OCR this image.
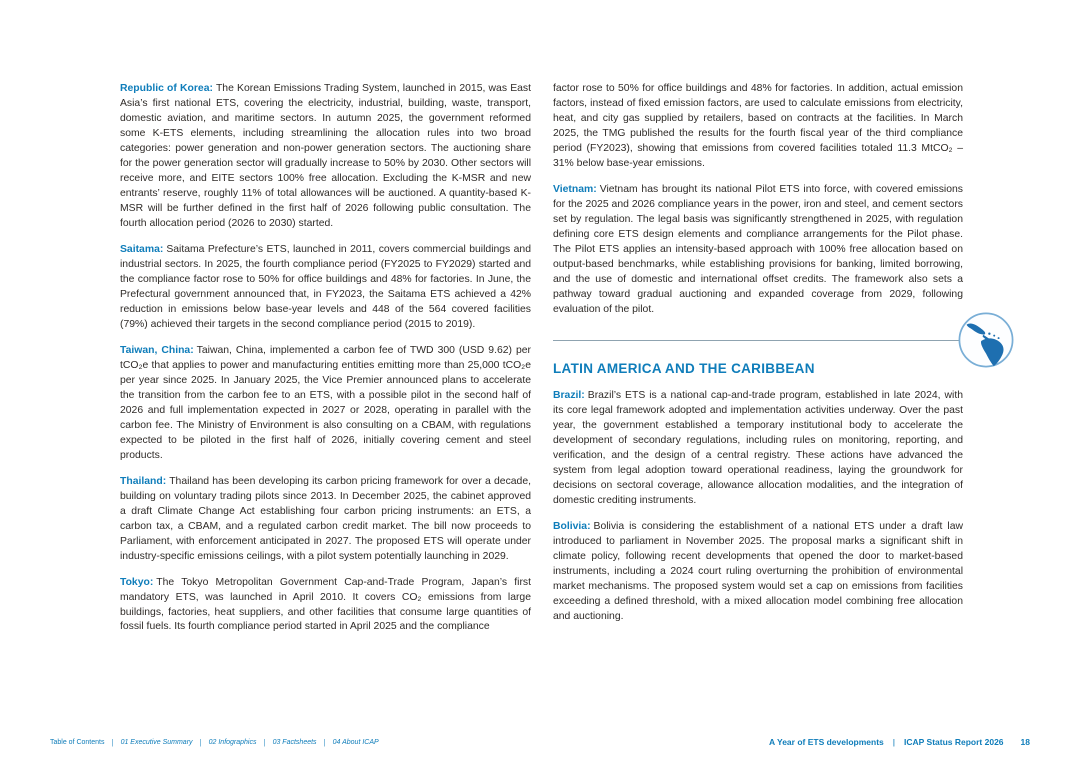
Republic of Korea: The Korean Emissions Trading System, launched in 2015, was East Asia’s first national ETS, covering the electricity, industrial, building, waste, transport, domestic aviation, and maritime sectors. In autumn 2025, the government reformed some K-ETS elements, including streamlining the allocation rules into two broad categories: power generation and non-power generation sectors. The auctioning share for the power generation sector will gradually increase to 50% by 2030. Other sectors will receive more, and EITE sectors 100% free allocation. Excluding the K-MSR and new entrants’ reserve, roughly 11% of total allowances will be auctioned. A quantity-based K-MSR will be further defined in the first half of 2026 following public consultation. The fourth allocation period (2026 to 2030) started.

Saitama: Saitama Prefecture’s ETS, launched in 2011, covers commercial buildings and industrial sectors. In 2025, the fourth compliance period (FY2025 to FY2029) started and the compliance factor rose to 50% for office buildings and 48% for factories. In June, the Prefectural government announced that, in FY2023, the Saitama ETS achieved a 42% reduction in emissions below base-year levels and 448 of the 564 covered facilities (79%) achieved their targets in the second compliance period (2015 to 2019).

Taiwan, China: Taiwan, China, implemented a carbon fee of TWD 300 (USD 9.62) per tCO₂e that applies to power and manufacturing entities emitting more than 25,000 tCO₂e per year since 2025. In January 2025, the Vice Premier announced plans to accelerate the transition from the carbon fee to an ETS, with a possible pilot in the second half of 2026 and full implementation expected in 2027 or 2028, operating in parallel with the carbon fee. The Ministry of Environment is also consulting on a CBAM, with regulations expected to be piloted in the first half of 2026, initially covering cement and steel products.

Thailand: Thailand has been developing its carbon pricing framework for over a decade, building on voluntary trading pilots since 2013. In December 2025, the cabinet approved a draft Climate Change Act establishing four carbon pricing instruments: an ETS, a carbon tax, a CBAM, and a regulated carbon credit market. The bill now proceeds to Parliament, with enforcement anticipated in 2027. The proposed ETS will operate under industry-specific emissions ceilings, with a pilot system potentially launching in 2029.

Tokyo: The Tokyo Metropolitan Government Cap-and-Trade Program, Japan’s first mandatory ETS, was launched in April 2010. It covers CO₂ emissions from large buildings, factories, heat suppliers, and other facilities that consume large quantities of fossil fuels. Its fourth compliance period started in April 2025 and the compliance

factor rose to 50% for office buildings and 48% for factories. In addition, actual emission factors, instead of fixed emission factors, are used to calculate emissions from electricity, heat, and city gas supplied by retailers, based on contracts at the facilities. In March 2025, the TMG published the results for the fourth fiscal year of the third compliance period (FY2023), showing that emissions from covered facilities totaled 11.3 MtCO₂ – 31% below base-year emissions.

Vietnam: Vietnam has brought its national Pilot ETS into force, with covered emissions for the 2025 and 2026 compliance years in the power, iron and steel, and cement sectors set by regulation. The legal basis was significantly strengthened in 2025, with regulation defining core ETS design elements and compliance arrangements for the Pilot phase. The Pilot ETS applies an intensity-based approach with 100% free allocation based on output-based benchmarks, while establishing provisions for banking, limited borrowing, and the use of domestic and international offset credits. The framework also sets a pathway toward gradual auctioning and expanded coverage from 2029, following evaluation of the pilot.

LATIN AMERICA AND THE CARIBBEAN

Brazil: Brazil’s ETS is a national cap-and-trade program, established in late 2024, with its core legal framework adopted and implementation activities underway. Over the past year, the government established a temporary institutional body to accelerate the development of secondary regulations, including rules on monitoring, reporting, and verification, and the design of a central registry. These actions have advanced the system from legal adoption toward operational readiness, laying the groundwork for decisions on sectoral coverage, allowance allocation modalities, and the integration of domestic crediting instruments.

Bolivia: Bolivia is considering the establishment of a national ETS under a draft law introduced to parliament in November 2025. The proposal marks a significant shift in climate policy, following recent developments that opened the door to market-based instruments, including a 2024 court ruling overturning the prohibition of environmental market mechanisms. The proposed system would set a cap on emissions from facilities exceeding a defined threshold, with a mixed allocation model combining free allocation and auctioning.

Table of Contents | 01 Executive Summary | 02 Infographics | 03 Factsheets | 04 About ICAP	A Year of ETS developments | ICAP Status Report 2026 18
